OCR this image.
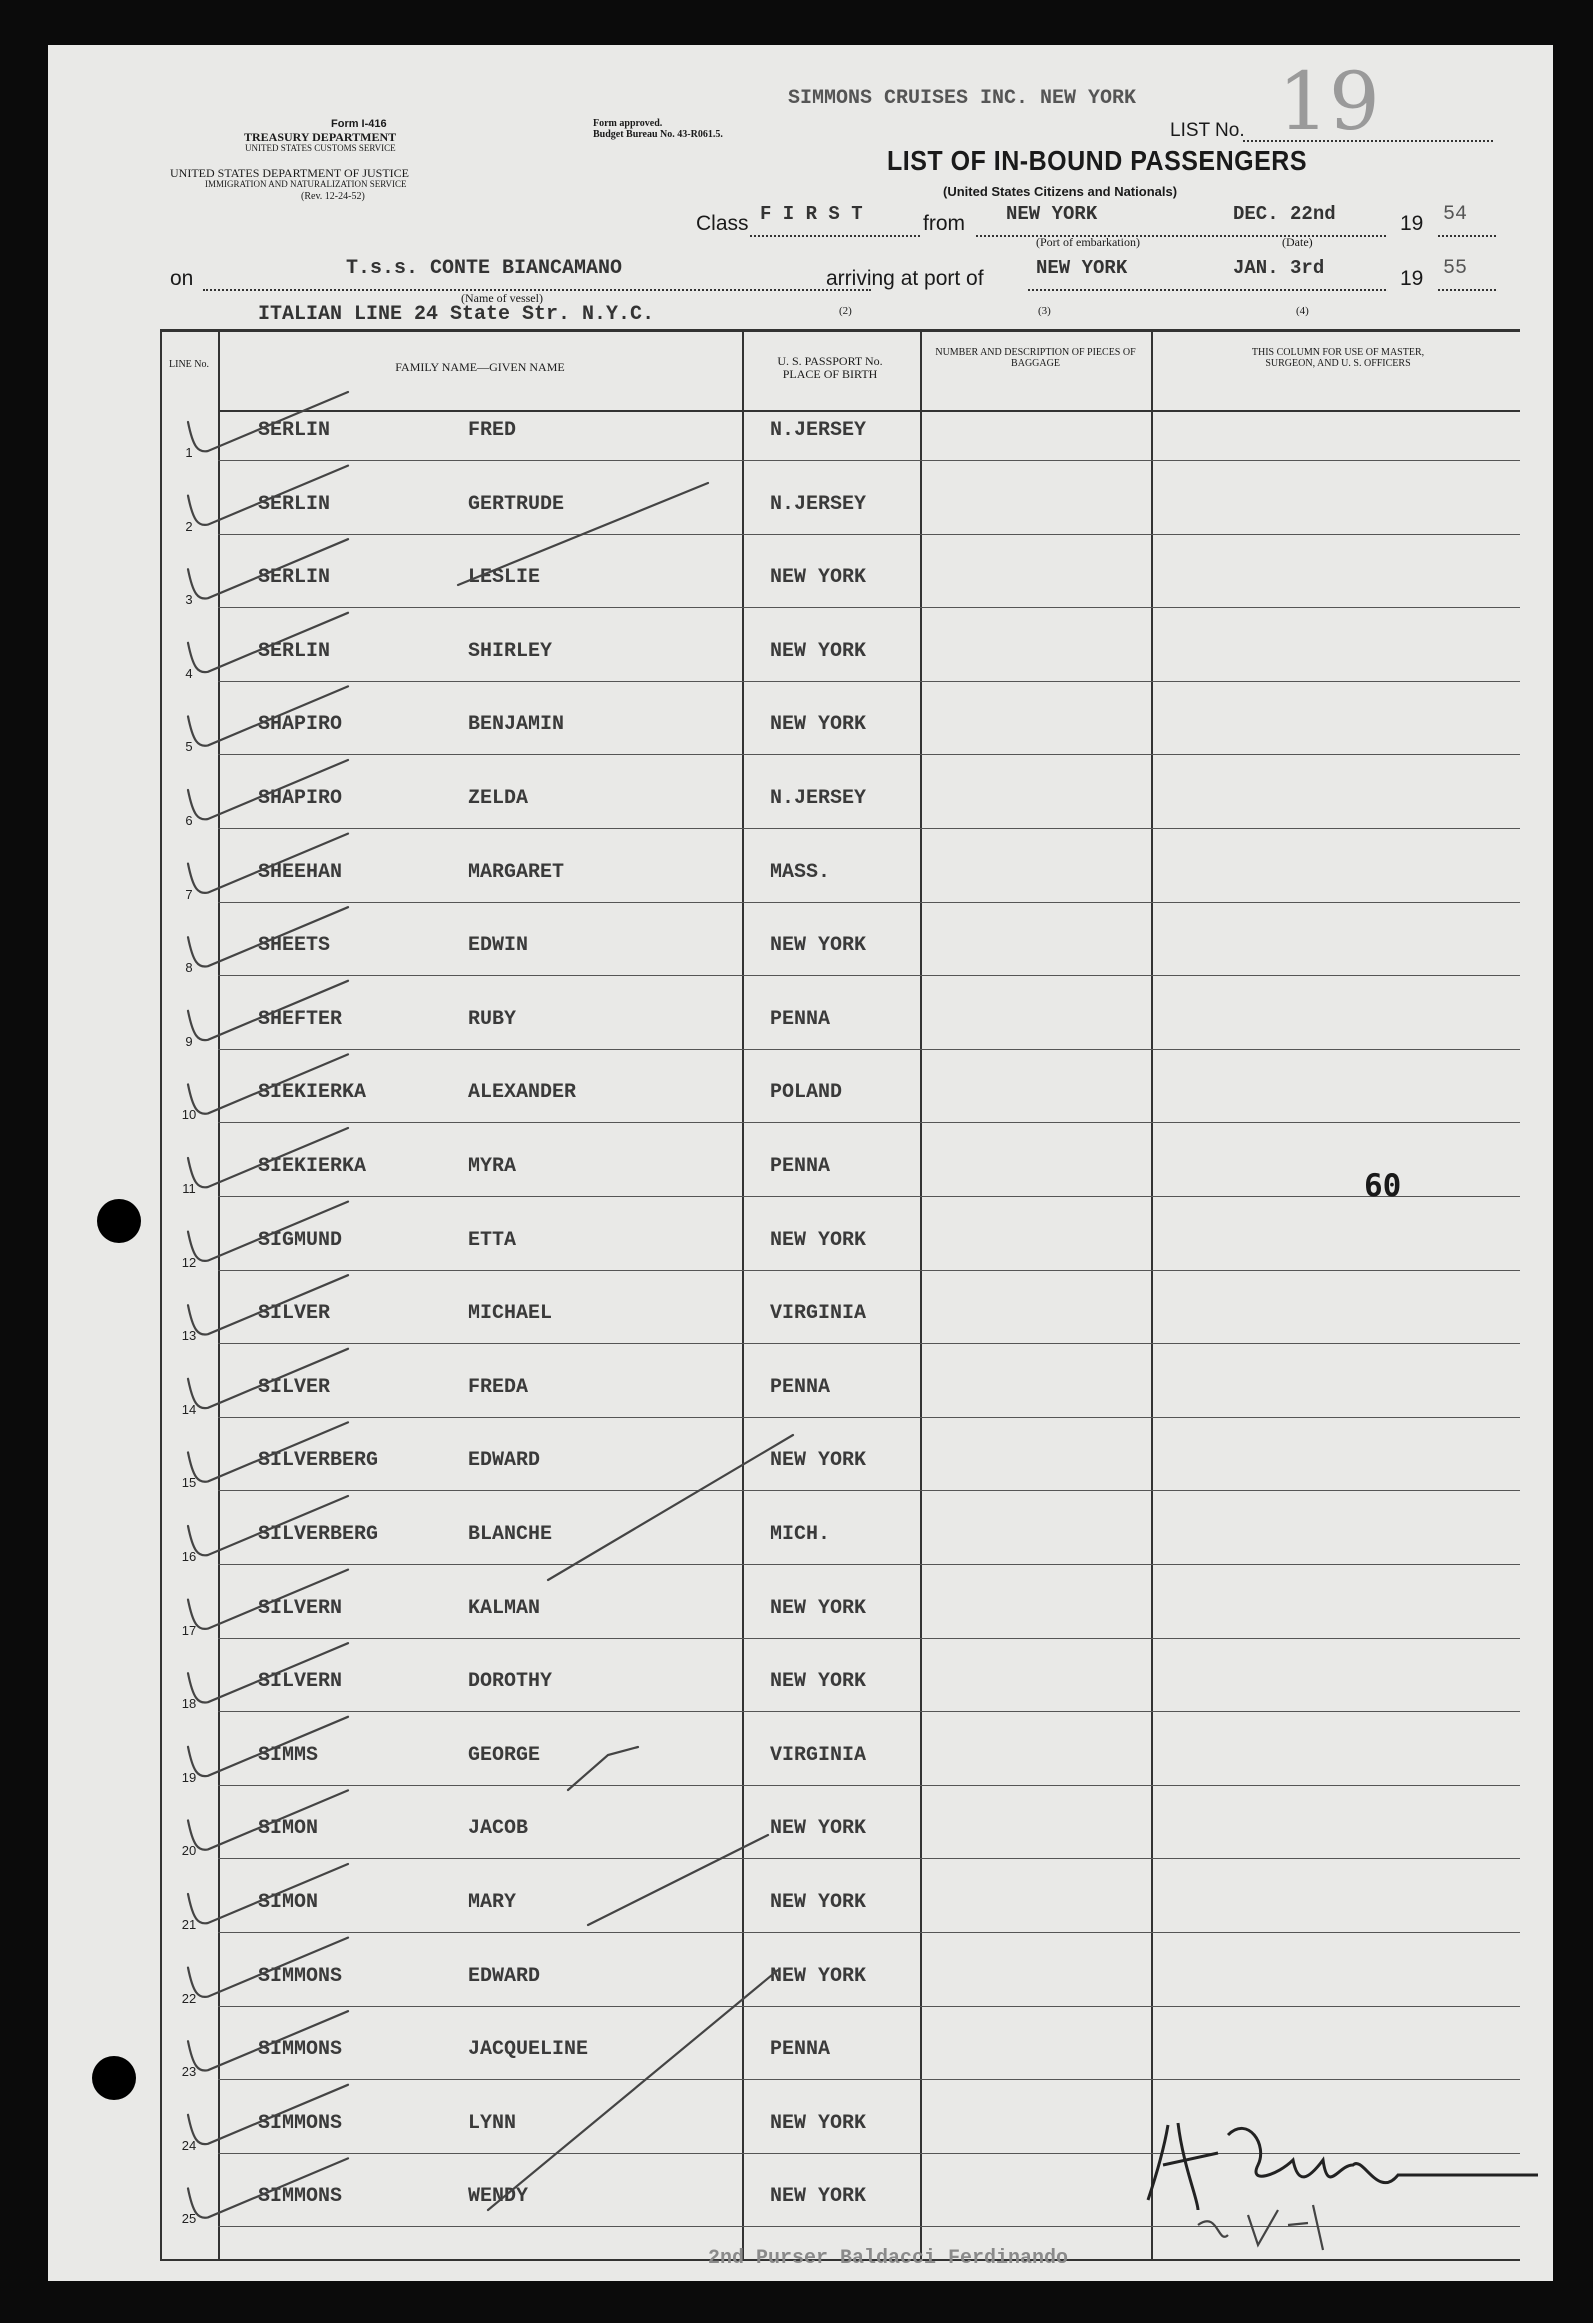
Form I-416
TREASURY DEPARTMENT
UNITED STATES CUSTOMS SERVICE
UNITED STATES DEPARTMENT OF JUSTICE
IMMIGRATION AND NATURALIZATION SERVICE
(Rev. 12-24-52)
Form approved.
Budget Bureau No. 43-R061.5.
SIMMONS CRUISES INC. NEW YORK
LIST No. 19
LIST OF IN-BOUND PASSENGERS
(United States Citizens and Nationals)
Class F I R S T	from NEW YORK
(Port of embarkation)
DEC. 22nd
(Date)
19 54
on	T.s.s. CONTE BIANCAMANO
(Name of vessel)
arriving at port of	NEW YORK	JAN. 3rd	19 55
ITALIAN LINE 24 State Str. N.Y.C.	(2)	(3)	(4)
LINE No.	FAMILY NAME—GIVEN NAME	U. S. PASSPORT No. PLACE OF BIRTH
NUMBER AND DESCRIPTION OF PIECES OF BAGGAGE
THIS COLUMN FOR USE OF MASTER, SURGEON, AND U. S. OFFICERS
SERLIN	FRED	N.JERSEY
1
SERLIN	GERTRUDE	N.JERSEY
2
SERLIN	LESLIE	NEW YORK
3
SERLIN	SHIRLEY	NEW YORK
4
SHAPIRO	BENJAMIN	NEW YORK
5
SHAPIRO	ZELDA	N.JERSEY
6
SHEEHAN	MARGARET	MASS.
7
SHEETS	EDWIN	NEW YORK
8
SHEFTER	RUBY	PENNA
9
SIEKIERKA	ALEXANDER	POLAND
10
SIEKIERKA	MYRA	PENNA
11
SIGMUND	ETTA	NEW YORK
12
SILVER	MICHAEL	VIRGINIA
13
SILVER	FREDA	PENNA
14
SILVERBERG	EDWARD	NEW YORK
15
SILVERBERG	BLANCHE	MICH.
16
SILVERN	KALMAN	NEW YORK
17
SILVERN	DOROTHY	NEW YORK
18
SIMMS	GEORGE	VIRGINIA
19
SIMON	JACOB	NEW YORK
20
SIMON	MARY	NEW YORK
21
SIMMONS	EDWARD	NEW YORK
22
SIMMONS	JACQUELINE	PENNA
23
SIMMONS	LYNN	NEW YORK
24
SIMMONS	WENDY	NEW YORK
25
60
2nd Purser Baldacci Ferdinando
